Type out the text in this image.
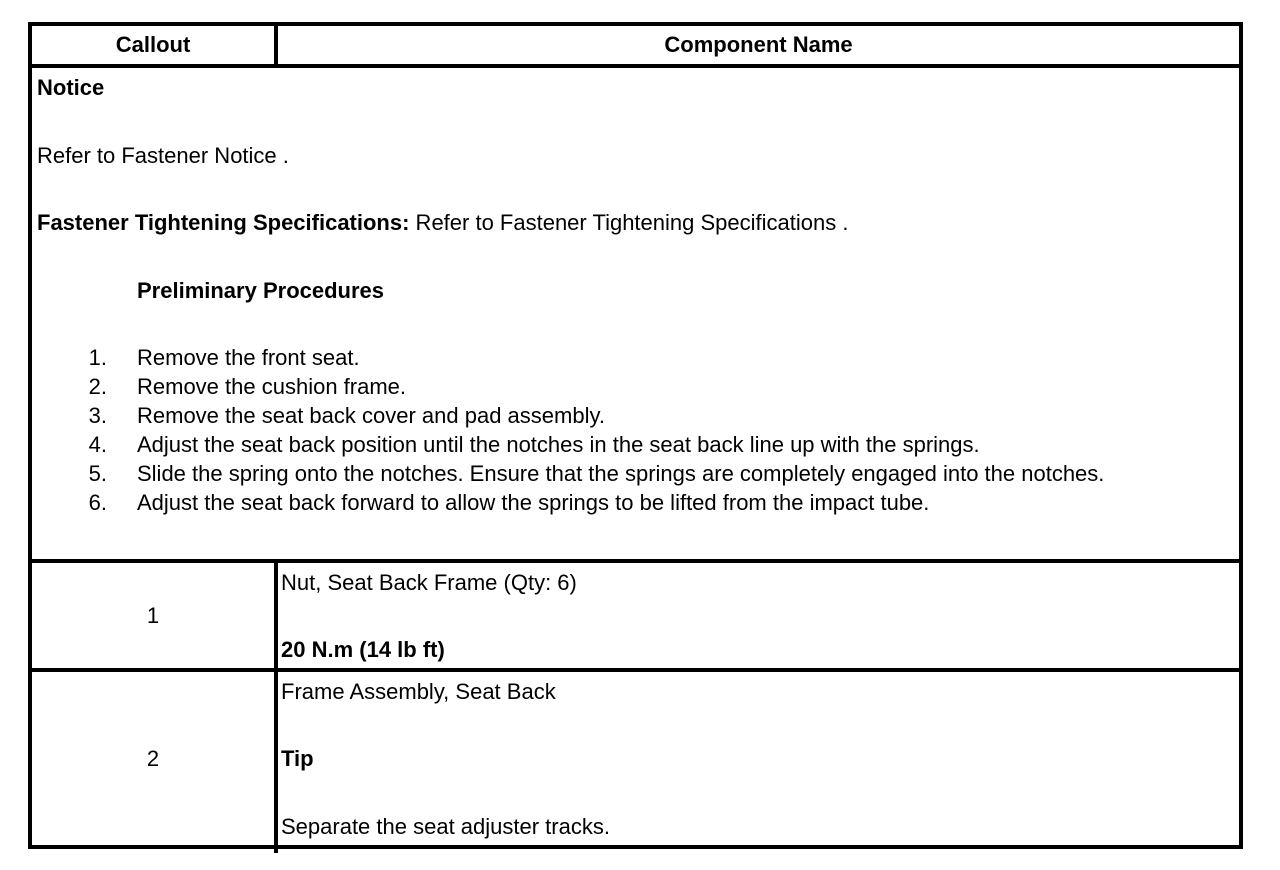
Callout	Component Name
Notice
Refer to Fastener Notice .
Fastener Tightening Specifications: Refer to Fastener Tightening Specifications .
Preliminary Procedures
1. Remove the front seat.
2. Remove the cushion frame.
3. Remove the seat back cover and pad assembly.
4. Adjust the seat back position until the notches in the seat back line up with the springs.
5. Slide the spring onto the notches. Ensure that the springs are completely engaged into the notches.
6. Adjust the seat back forward to allow the springs to be lifted from the impact tube.
1
Nut, Seat Back Frame (Qty: 6)
20 N.m (14 lb ft)
2
Frame Assembly, Seat Back
Tip
Separate the seat adjuster tracks.
